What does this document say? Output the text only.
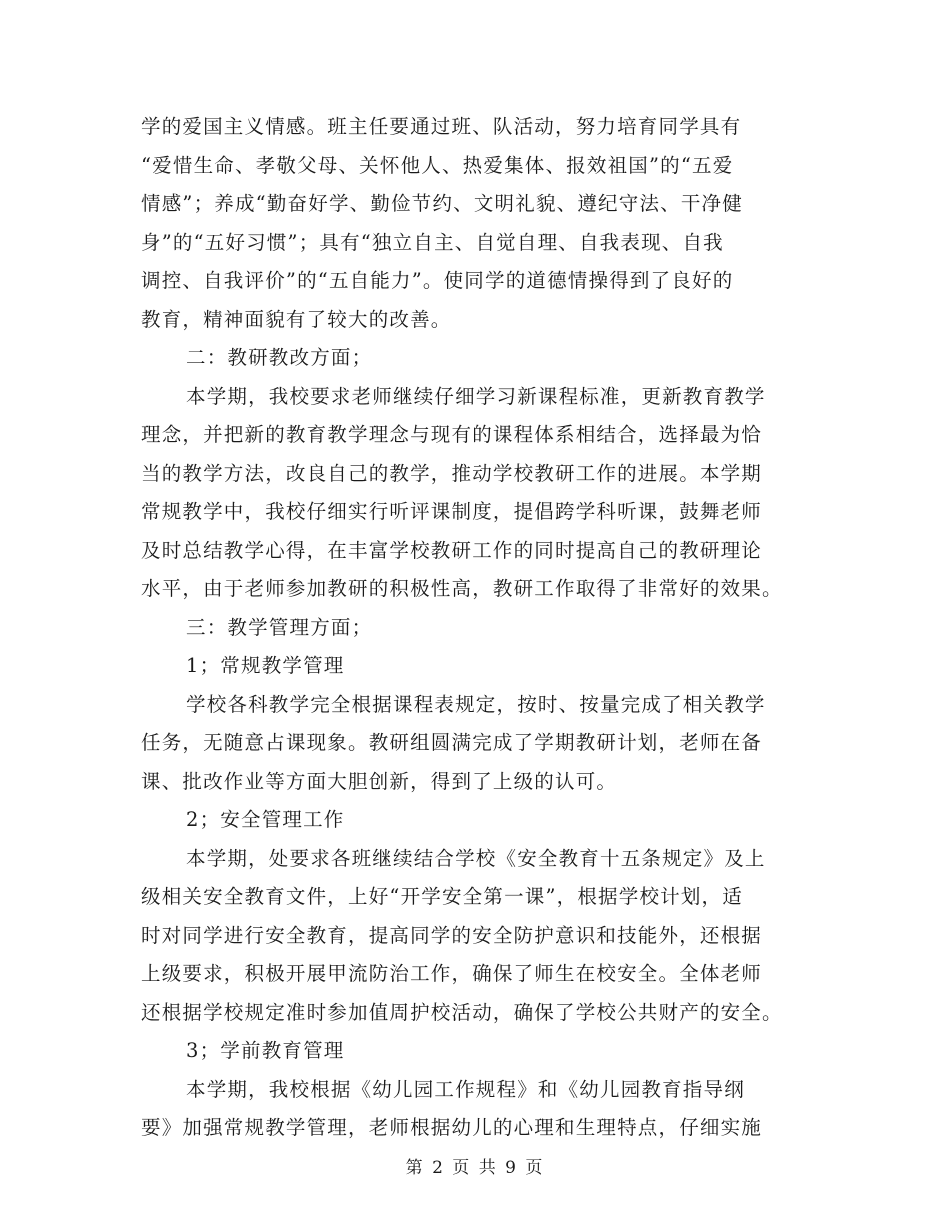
学的爱国主义情感。班主任要通过班、队活动，努力培育同学具有
“爱惜生命、孝敬父母、关怀他人、热爱集体、报效祖国”的“五爱
情感”；养成“勤奋好学、勤俭节约、文明礼貌、遵纪守法、干净健
身”的“五好习惯”；具有“独立自主、自觉自理、自我表现、自我
调控、自我评价”的“五自能力”。使同学的道德情操得到了良好的
教育，精神面貌有了较大的改善。
二：教研教改方面；
本学期，我校要求老师继续仔细学习新课程标准，更新教育教学
理念，并把新的教育教学理念与现有的课程体系相结合，选择最为恰
当的教学方法，改良自己的教学，推动学校教研工作的进展。本学期
常规教学中，我校仔细实行听评课制度，提倡跨学科听课，鼓舞老师
及时总结教学心得，在丰富学校教研工作的同时提高自己的教研理论
水平，由于老师参加教研的积极性高，教研工作取得了非常好的效果。
三：教学管理方面；
1；常规教学管理
学校各科教学完全根据课程表规定，按时、按量完成了相关教学
任务，无随意占课现象。教研组圆满完成了学期教研计划，老师在备
课、批改作业等方面大胆创新，得到了上级的认可。
2；安全管理工作
本学期，处要求各班继续结合学校《安全教育十五条规定》及上
级相关安全教育文件，上好“开学安全第一课”，根据学校计划，适
时对同学进行安全教育，提高同学的安全防护意识和技能外，还根据
上级要求，积极开展甲流防治工作，确保了师生在校安全。全体老师
还根据学校规定准时参加值周护校活动，确保了学校公共财产的安全。
3；学前教育管理
本学期，我校根据《幼儿园工作规程》和《幼儿园教育指导纲
要》加强常规教学管理，老师根据幼儿的心理和生理特点，仔细实施
第 2 页 共 9 页
